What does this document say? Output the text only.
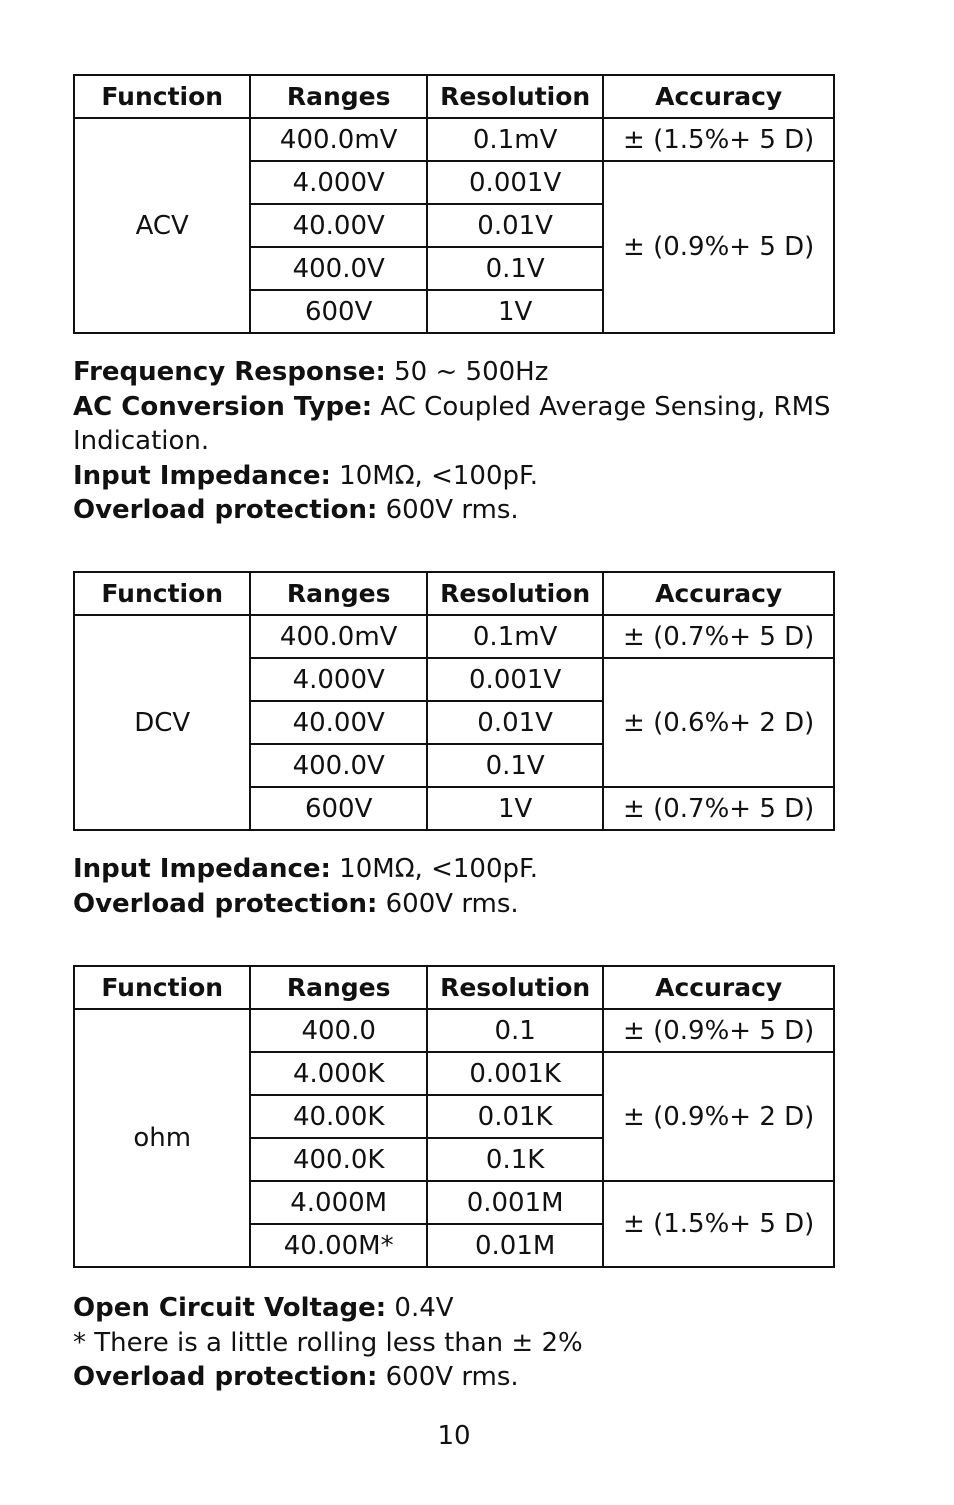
Function	Ranges	Resolution	Accuracy
ACV	400.0mV	0.1mV	± (1.5%+ 5 D)
	4.000V	0.001V	± (0.9%+ 5 D)
	40.00V	0.01V	
	400.0V	0.1V	
	600V	1V	

Frequency Response: 50 ~ 500Hz

AC Conversion Type: AC Coupled Average Sensing, RMS Indication.

Input Impedance: 10MΩ, <100pF.

Overload protection: 600V rms.

Function	Ranges	Resolution	Accuracy
DCV	400.0mV	0.1mV	± (0.7%+ 5 D)
	4.000V	0.001V	± (0.6%+ 2 D)
	40.00V	0.01V	
	400.0V	0.1V	
	600V	1V	± (0.7%+ 5 D)

Input Impedance: 10MΩ, <100pF.

Overload protection: 600V rms.

Function	Ranges	Resolution	Accuracy
ohm	400.0	0.1	± (0.9%+ 5 D)
	4.000K	0.001K	± (0.9%+ 2 D)
	40.00K	0.01K	
	400.0K	0.1K	
	4.000M	0.001M	± (1.5%+ 5 D)
	40.00M*	0.01M	

Open Circuit Voltage: 0.4V

* There is a little rolling less than ± 2%

Overload protection: 600V rms.

10
